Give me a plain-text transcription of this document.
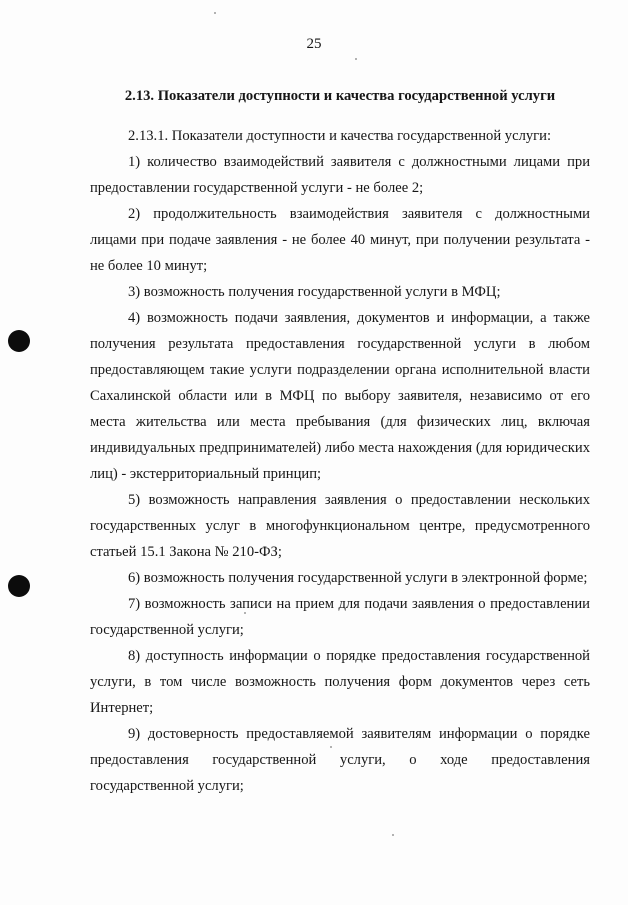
25
2.13. Показатели доступности и качества государственной услуги

2.13.1. Показатели доступности и качества государственной услуги:

1) количество взаимодействий заявителя с должностными лицами при предоставлении государственной услуги - не более 2;

2) продолжительность взаимодействия заявителя с должностными лицами при подаче заявления - не более 40 минут, при получении результата - не более 10 минут;

3) возможность получения государственной услуги в МФЦ;

4) возможность подачи заявления, документов и информации, а также получения результата предоставления государственной услуги в любом предоставляющем такие услуги подразделении органа исполнительной власти Сахалинской области или в МФЦ по выбору заявителя, независимо от его места жительства или места пребывания (для физических лиц, включая индивидуальных предпринимателей) либо места нахождения (для юридических лиц) - экстерриториальный принцип;

5) возможность направления заявления о предоставлении нескольких государственных услуг в многофункциональном центре, предусмотренного статьей 15.1 Закона № 210-ФЗ;

6) возможность получения государственной услуги в электронной форме;

7) возможность записи на прием для подачи заявления о предоставлении государственной услуги;

8) доступность информации о порядке предоставления государственной услуги, в том числе возможность получения форм документов через сеть Интернет;

9) достоверность предоставляемой заявителям информации о порядке предоставления государственной услуги, о ходе предоставления государственной услуги;
